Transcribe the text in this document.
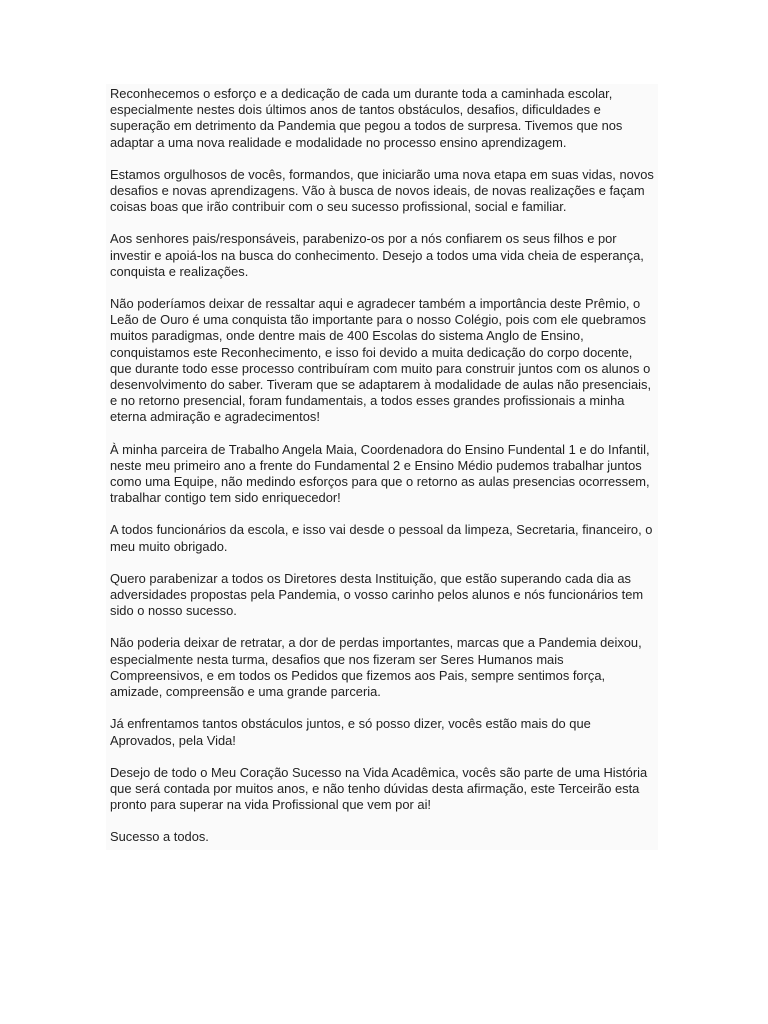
Reconhecemos o esforço e a dedicação de cada um durante toda a caminhada escolar, especialmente nestes dois últimos anos de tantos obstáculos, desafios, dificuldades e superação em detrimento da Pandemia que pegou a todos de surpresa. Tivemos que nos adaptar a uma nova realidade e modalidade no processo ensino aprendizagem.

Estamos orgulhosos de vocês, formandos, que iniciarão uma nova etapa em suas vidas, novos desafios e novas aprendizagens. Vão à busca de novos ideais, de novas realizações e façam coisas boas que irão contribuir com o seu sucesso profissional, social e familiar.

Aos senhores pais/responsáveis, parabenizo-os por a nós confiarem os seus filhos e por investir e apoiá-los na busca do conhecimento. Desejo a todos uma vida cheia de esperança, conquista e realizações.

Não poderíamos deixar de ressaltar aqui e agradecer também a importância deste Prêmio, o Leão de Ouro é uma conquista tão importante para o nosso Colégio, pois com ele quebramos muitos paradigmas, onde dentre mais de 400 Escolas do sistema Anglo de Ensino, conquistamos este Reconhecimento, e isso foi devido a muita dedicação do corpo docente, que durante todo esse processo contribuíram com muito para construir juntos com os alunos o desenvolvimento do saber. Tiveram que se adaptarem à modalidade de aulas não presenciais, e no retorno presencial, foram fundamentais, a todos esses grandes profissionais a minha eterna admiração e agradecimentos!

À minha parceira de Trabalho Angela Maia, Coordenadora do Ensino Fundental 1 e do Infantil, neste meu primeiro ano a frente do Fundamental 2 e Ensino Médio pudemos trabalhar juntos como uma Equipe, não medindo esforços para que o retorno as aulas presencias ocorressem, trabalhar contigo tem sido enriquecedor!

A todos funcionários da escola, e isso vai desde o pessoal da limpeza, Secretaria, financeiro, o meu muito obrigado.

Quero parabenizar a todos os Diretores desta Instituição, que estão superando cada dia as adversidades propostas pela Pandemia, o vosso carinho pelos alunos e nós funcionários tem sido o nosso sucesso.

Não poderia deixar de retratar, a dor de perdas importantes, marcas que a Pandemia deixou, especialmente nesta turma, desafios que nos fizeram ser Seres Humanos mais Compreensivos, e em todos os Pedidos que fizemos aos Pais, sempre sentimos força, amizade, compreensão e uma grande parceria.

Já enfrentamos tantos obstáculos juntos, e só posso dizer, vocês estão mais do que Aprovados, pela Vida!

Desejo de todo o Meu Coração Sucesso na Vida Acadêmica, vocês são parte de uma História que será contada por muitos anos, e não tenho dúvidas desta afirmação, este Terceirão esta pronto para superar na vida Profissional que vem por ai!

Sucesso a todos.
